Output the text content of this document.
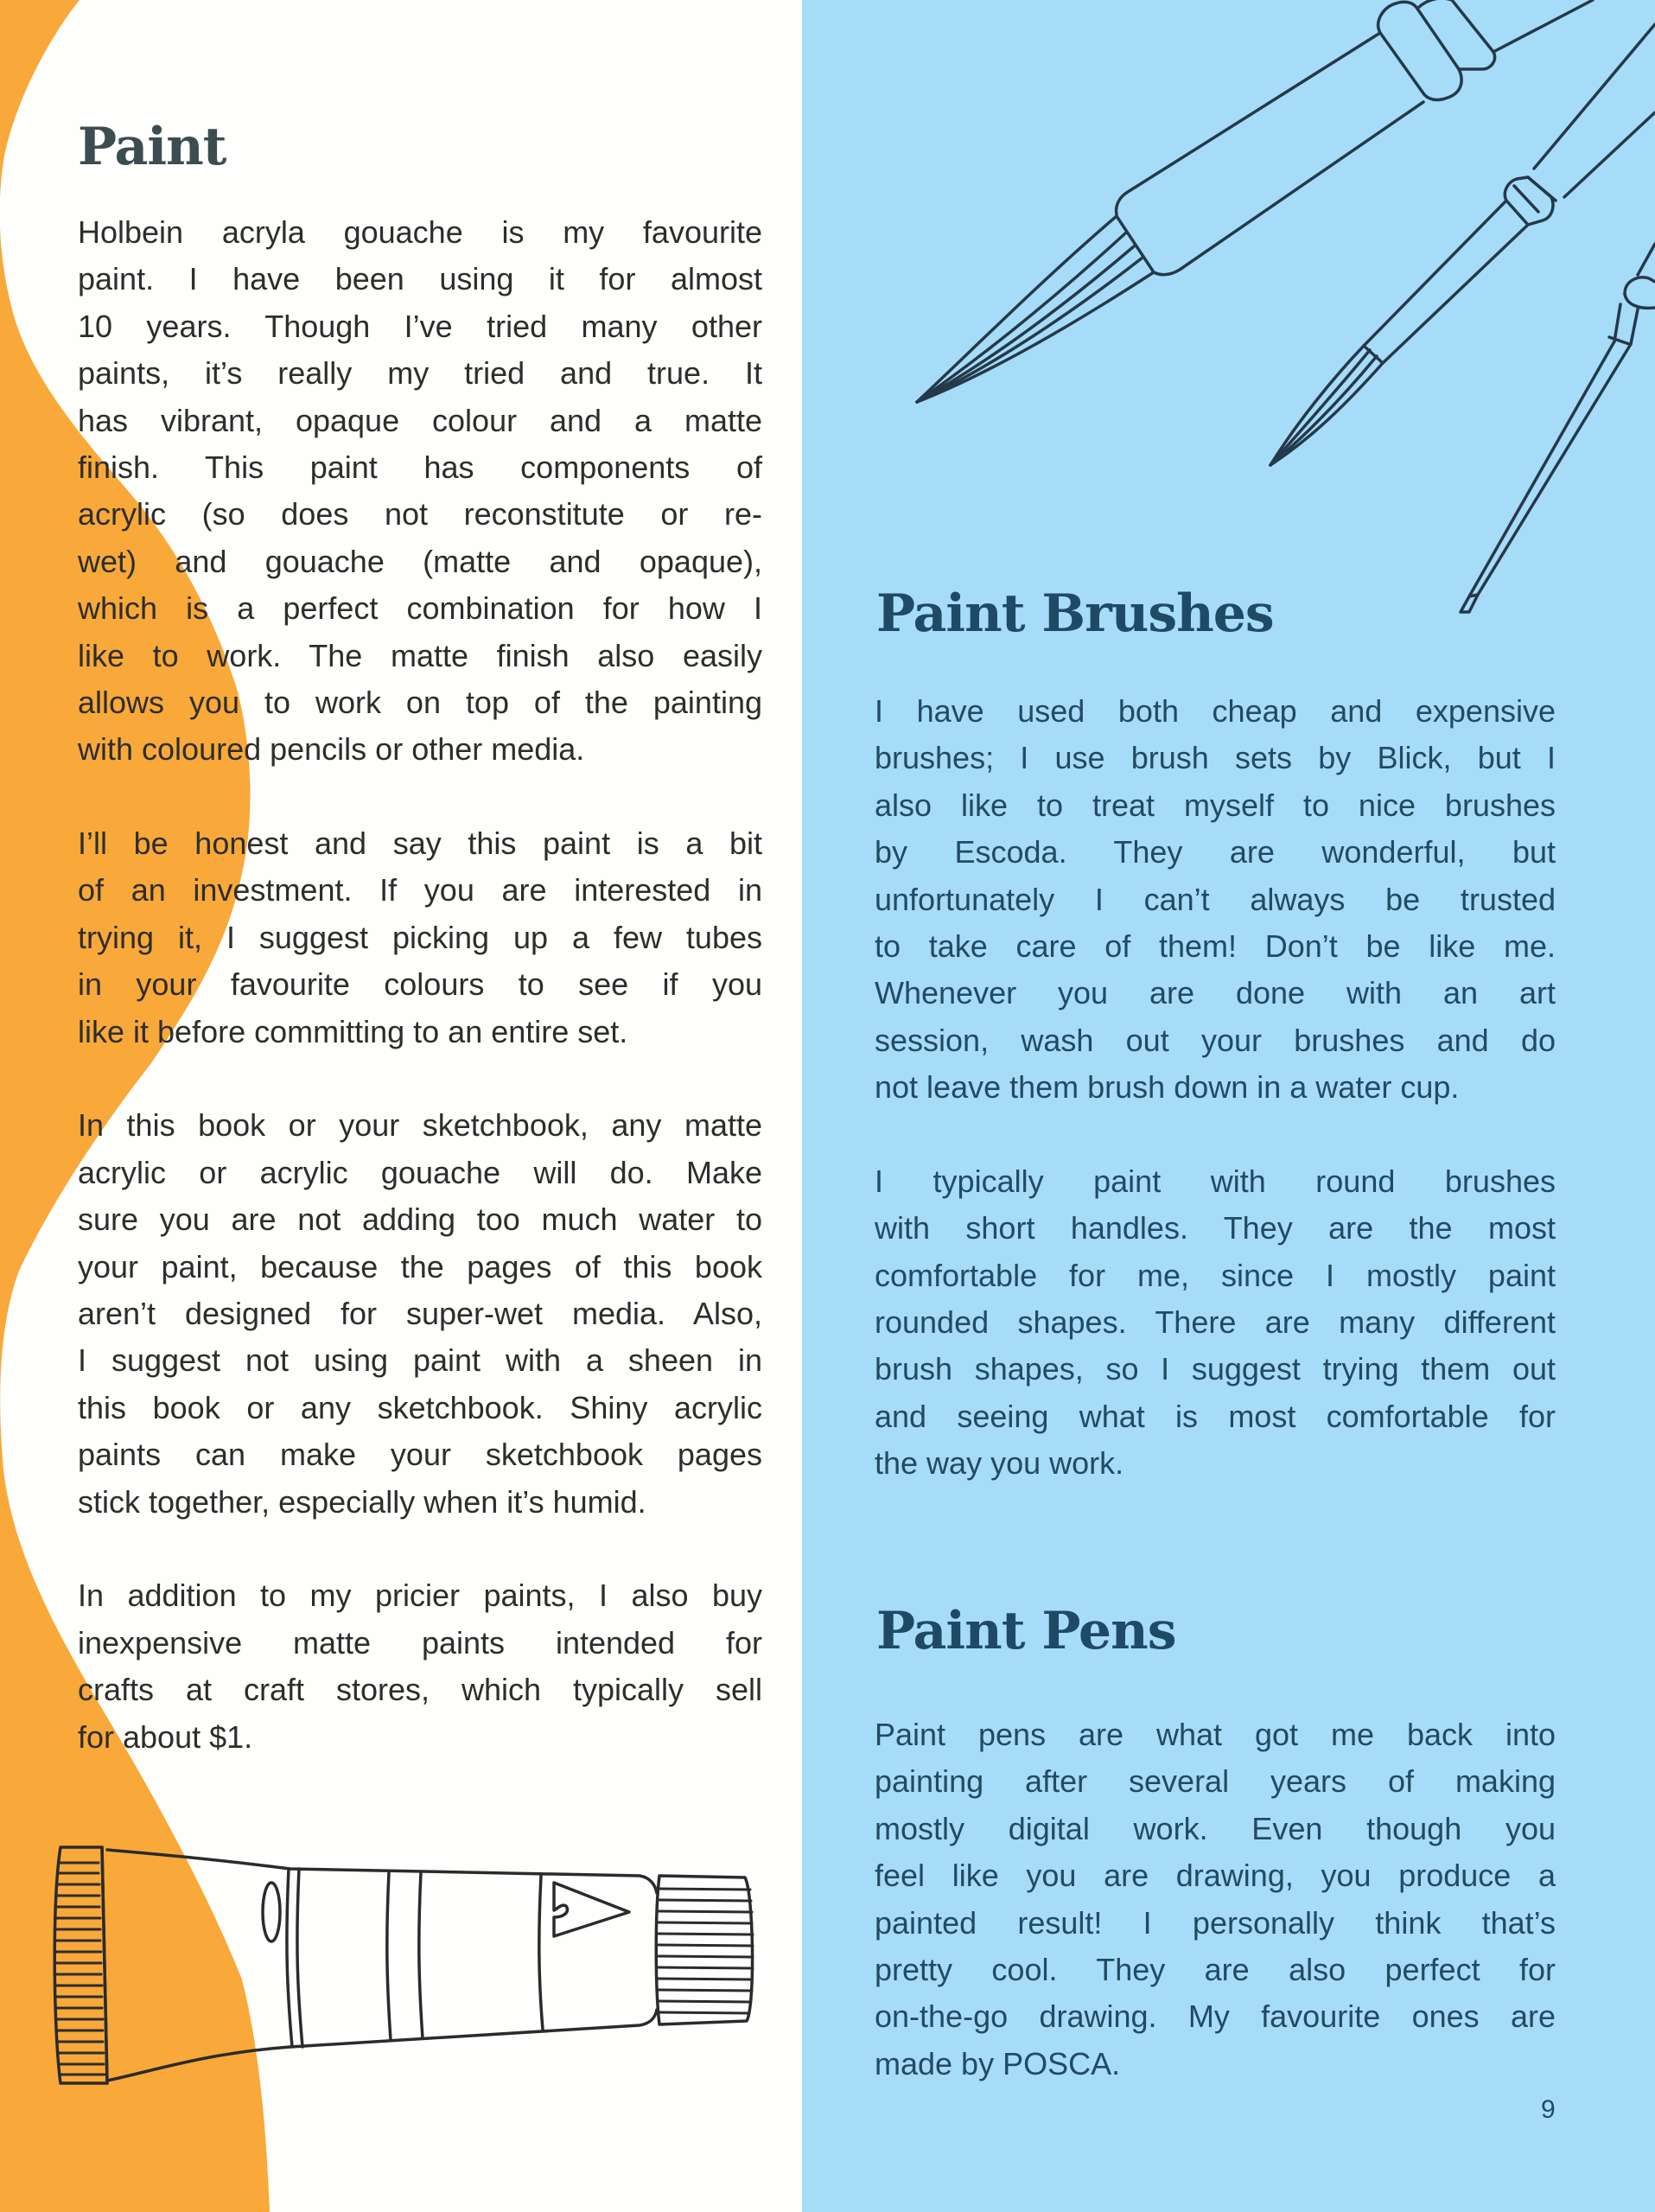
Paint

Holbein acryla gouache is my favourite
paint. I have been using it for almost
10 years. Though I’ve tried many other
paints, it’s really my tried and true. It
has vibrant, opaque colour and a matte
finish. This paint has components of
acrylic (so does not reconstitute or re-
wet) and gouache (matte and opaque),
which is a perfect combination for how I
like to work. The matte finish also easily
allows you to work on top of the painting
with coloured pencils or other media.

I’ll be honest and say this paint is a bit
of an investment. If you are interested in
trying it, I suggest picking up a few tubes
in your favourite colours to see if you
like it before committing to an entire set.

In this book or your sketchbook, any matte
acrylic or acrylic gouache will do. Make
sure you are not adding too much water to
your paint, because the pages of this book
aren’t designed for super-wet media. Also,
I suggest not using paint with a sheen in
this book or any sketchbook. Shiny acrylic
paints can make your sketchbook pages
stick together, especially when it’s humid.

In addition to my pricier paints, I also buy
inexpensive matte paints intended for
crafts at craft stores, which typically sell
for about $1.

Paint Brushes

I have used both cheap and expensive
brushes; I use brush sets by Blick, but I
also like to treat myself to nice brushes
by Escoda. They are wonderful, but
unfortunately I can’t always be trusted
to take care of them! Don’t be like me.
Whenever you are done with an art
session, wash out your brushes and do
not leave them brush down in a water cup.

I typically paint with round brushes
with short handles. They are the most
comfortable for me, since I mostly paint
rounded shapes. There are many different
brush shapes, so I suggest trying them out
and seeing what is most comfortable for
the way you work.

Paint Pens

Paint pens are what got me back into
painting after several years of making
mostly digital work. Even though you
feel like you are drawing, you produce a
painted result! I personally think that’s
pretty cool. They are also perfect for
on-the-go drawing. My favourite ones are
made by POSCA.

9
